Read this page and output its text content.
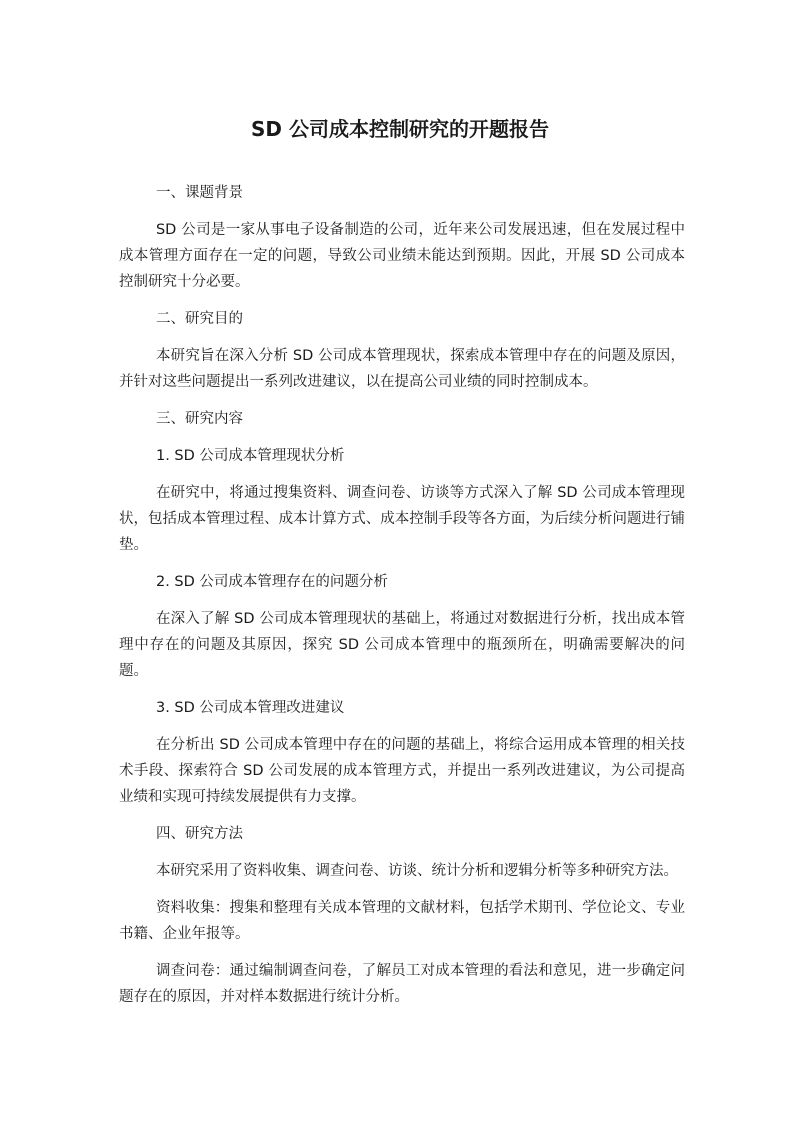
SD 公司成本控制研究的开题报告

一、课题背景

SD 公司是一家从事电子设备制造的公司，近年来公司发展迅速，但在发展过程中成本管理方面存在一定的问题，导致公司业绩未能达到预期。因此，开展 SD 公司成本控制研究十分必要。

二、研究目的

本研究旨在深入分析 SD 公司成本管理现状，探索成本管理中存在的问题及原因，并针对这些问题提出一系列改进建议，以在提高公司业绩的同时控制成本。

三、研究内容

1. SD 公司成本管理现状分析

在研究中，将通过搜集资料、调查问卷、访谈等方式深入了解 SD 公司成本管理现状，包括成本管理过程、成本计算方式、成本控制手段等各方面，为后续分析问题进行铺垫。

2. SD 公司成本管理存在的问题分析

在深入了解 SD 公司成本管理现状的基础上，将通过对数据进行分析，找出成本管理中存在的问题及其原因，探究 SD 公司成本管理中的瓶颈所在，明确需要解决的问题。

3. SD 公司成本管理改进建议

在分析出 SD 公司成本管理中存在的问题的基础上，将综合运用成本管理的相关技术手段、探索符合 SD 公司发展的成本管理方式，并提出一系列改进建议，为公司提高业绩和实现可持续发展提供有力支撑。

四、研究方法

本研究采用了资料收集、调查问卷、访谈、统计分析和逻辑分析等多种研究方法。

资料收集：搜集和整理有关成本管理的文献材料，包括学术期刊、学位论文、专业书籍、企业年报等。

调查问卷：通过编制调查问卷，了解员工对成本管理的看法和意见，进一步确定问题存在的原因，并对样本数据进行统计分析。
